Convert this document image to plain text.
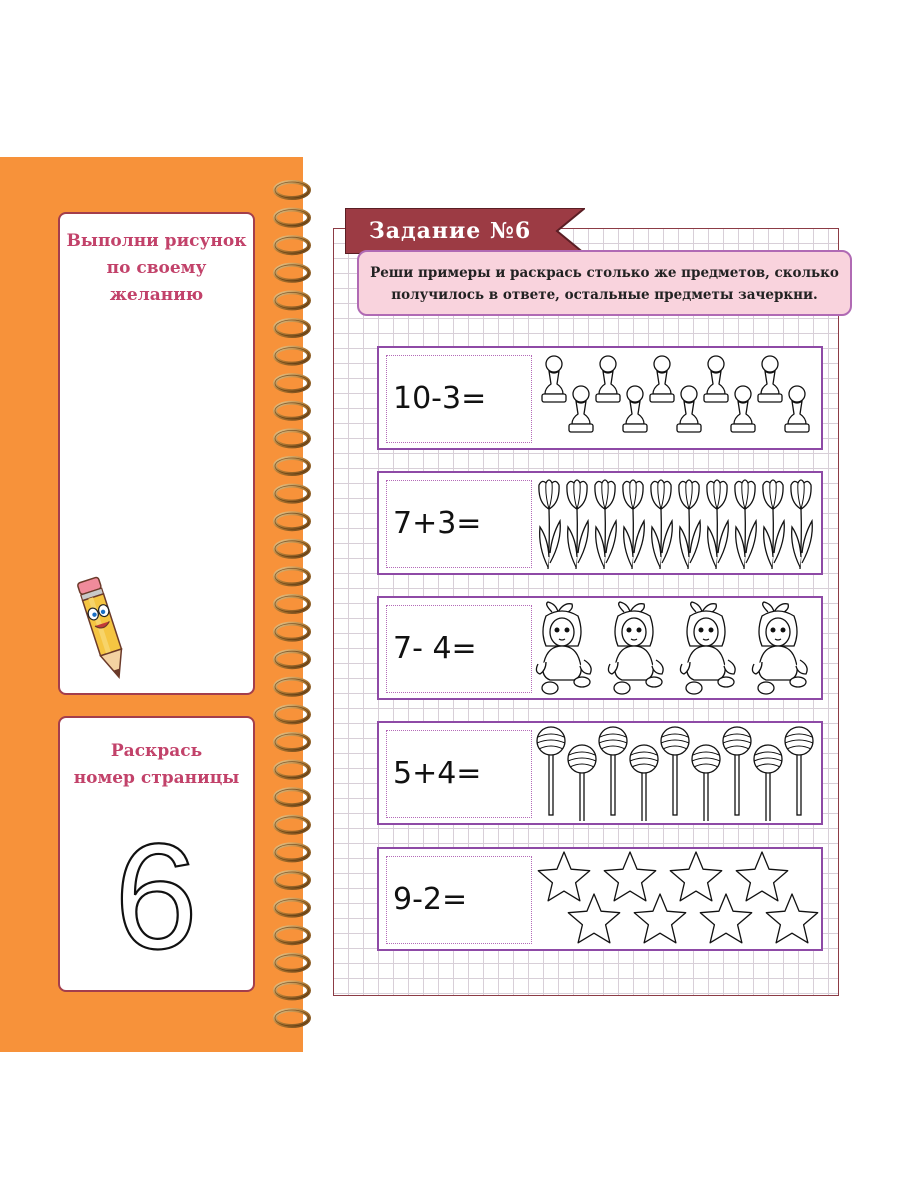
Выполни рисунок
по своему желанию
Раскрась
номер страницы
6
Задание №6
Реши примеры и раскрась столько же предметов, сколько
получилось в ответе, остальные предметы зачеркни.
10-3=
7+3=
7- 4=
5+4=
9-2=
